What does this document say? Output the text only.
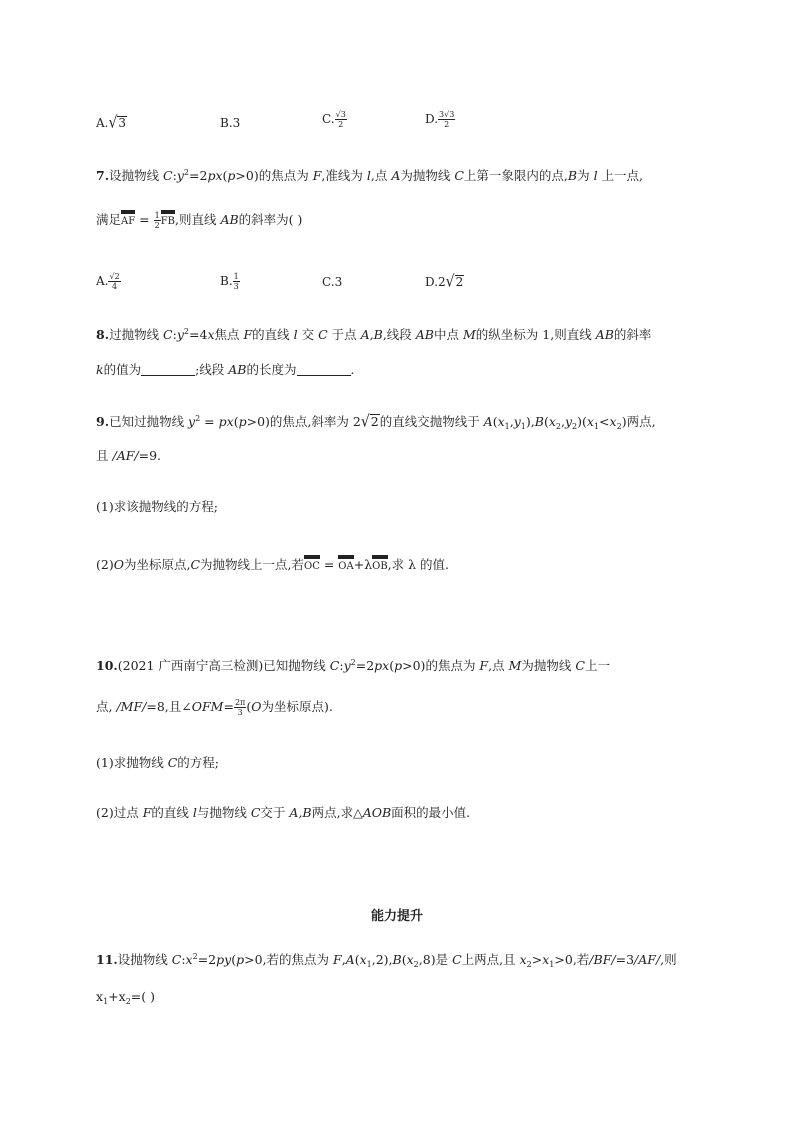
A.√3	B.3	C. $\frac{√3}{2}$	D. $\frac{3√3}{2}$
7.设抛物线 $C:y^2=2px(p>0)$的焦点为 F,准线为 l,点 A为抛物线 C上第一象限内的点,B为 l 上一点,
满足AF = $\frac{1}{2}$ FB,则直线 AB的斜率为( )
A. $\frac{√2}{4}$	B. $\frac{1}{3}$	C.3	D.2√2
8.过抛物线 $C:y^2=4x$焦点 F的直线 l 交 C 于点 A,B,线段 AB中点 M的纵坐标为 1,则直线 AB的斜率
k的值为	;线段 AB的长度为	.
9.已知过抛物线 $y^2 = px(p>0)$的焦点,斜率为 2√2的直线交抛物线于 $A(x_1,y_1),B(x_2,y_2)(x_1<x_2)$两点,
且 /AF/=9.
(1)求该抛物线的方程;
(2)O为坐标原点,C为抛物线上一点,若OC = OA+λOB,求 λ 的值.
10.(2021 广西南宁高三检测)已知抛物线 $C:y^2=2px(p>0)$的焦点为 F,点 M为抛物线 C上一
点, /MF/=8,且∠OFM= $\frac{2\pi}{3} (O$为坐标原点).
(1)求抛物线 C的方程;
(2)过点 F的直线 l与抛物线 C交于 A,B两点,求△AOB面积的最小值.
能力提升
11.设抛物线 $C:x^2=2py(p>0$,若的焦点为 $F,A(x_1,2),B(x_2,8)$是 C上两点,且 $x_2>x_1>0$,若/BF/=3/AF/,则
$x_1+x_2=$( )
